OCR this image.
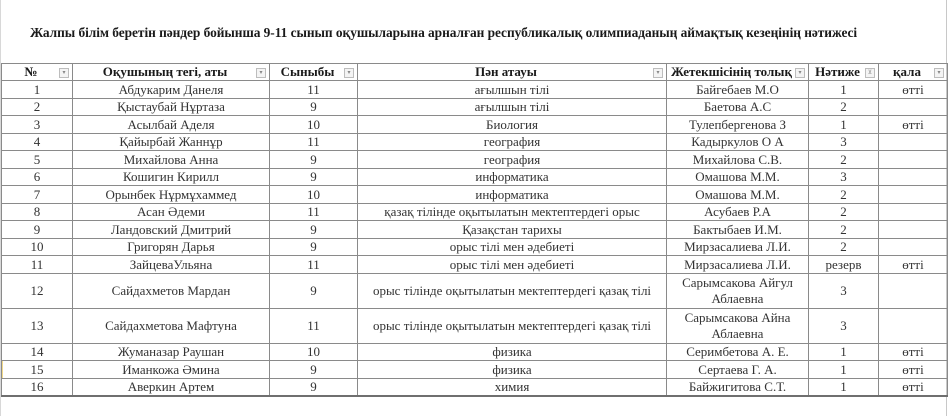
Жалпы білім беретін пәндер бойынша 9-11 сынып оқушыларына арналған республикалық олимпиаданың аймақтық кезеңінің нәтижесі
№ ▾	Оқушының тегі, аты ▾	Сыныбы ▾	Пән атауы ▾	Жетекшісінің толық ▾	Нәтиже ⊻	қала ▾

1	Абдукарим Данеля	11	ағылшын тілі	Байгебаев М.О	1	өтті
2	Қыстаубай Нұртаза	9	ағылшын тілі	Баетова А.С	2	
3	Асылбай Аделя	10	Биология	Тулепбергенова З	1	өтті
4	Қайырбай Жаннұр	11	география	Кадыркулов О А	3	
5	Михайлова Анна	9	география	Михайлова С.В.	2	
6	Кошигин Кирилл	9	информатика	Омашова М.М.	3	
7	Орынбек Нұрмұхаммед	10	информатика	Омашова М.М.	2	
8	Асан Әдеми	11	қазақ тілінде оқытылатын мектептердегі орыс	Асубаев Р.А	2	
9	Ландовский Дмитрий	9	Қазақстан тарихы	Бактыбаев И.М.	2	
10	Григорян Дарья	9	орыс тілі мен әдебиеті	Мирзасалиева Л.И.	2	
11	ЗайцеваУльяна	11	орыс тілі мен әдебиеті	Мирзасалиева Л.И.	резерв	өтті
12	Сайдахметов Мардан	9	орыс тілінде оқытылатын мектептердегі қазақ тілі	Сарымсакова Айгул Аблаевна	3	
13	Сайдахметова Мафтуна	11	орыс тілінде оқытылатын мектептердегі қазақ тілі	Сарымсакова Айна Аблаевна	3	
14	Жуманазар Раушан	10	физика	Серимбетова А. Е.	1	өтті
15	Иманкожа Әмина	9	физика	Сертаева Г. А.	1	өтті
16	Аверкин Артем	9	химия	Байжигитова С.Т.	1	өтті
